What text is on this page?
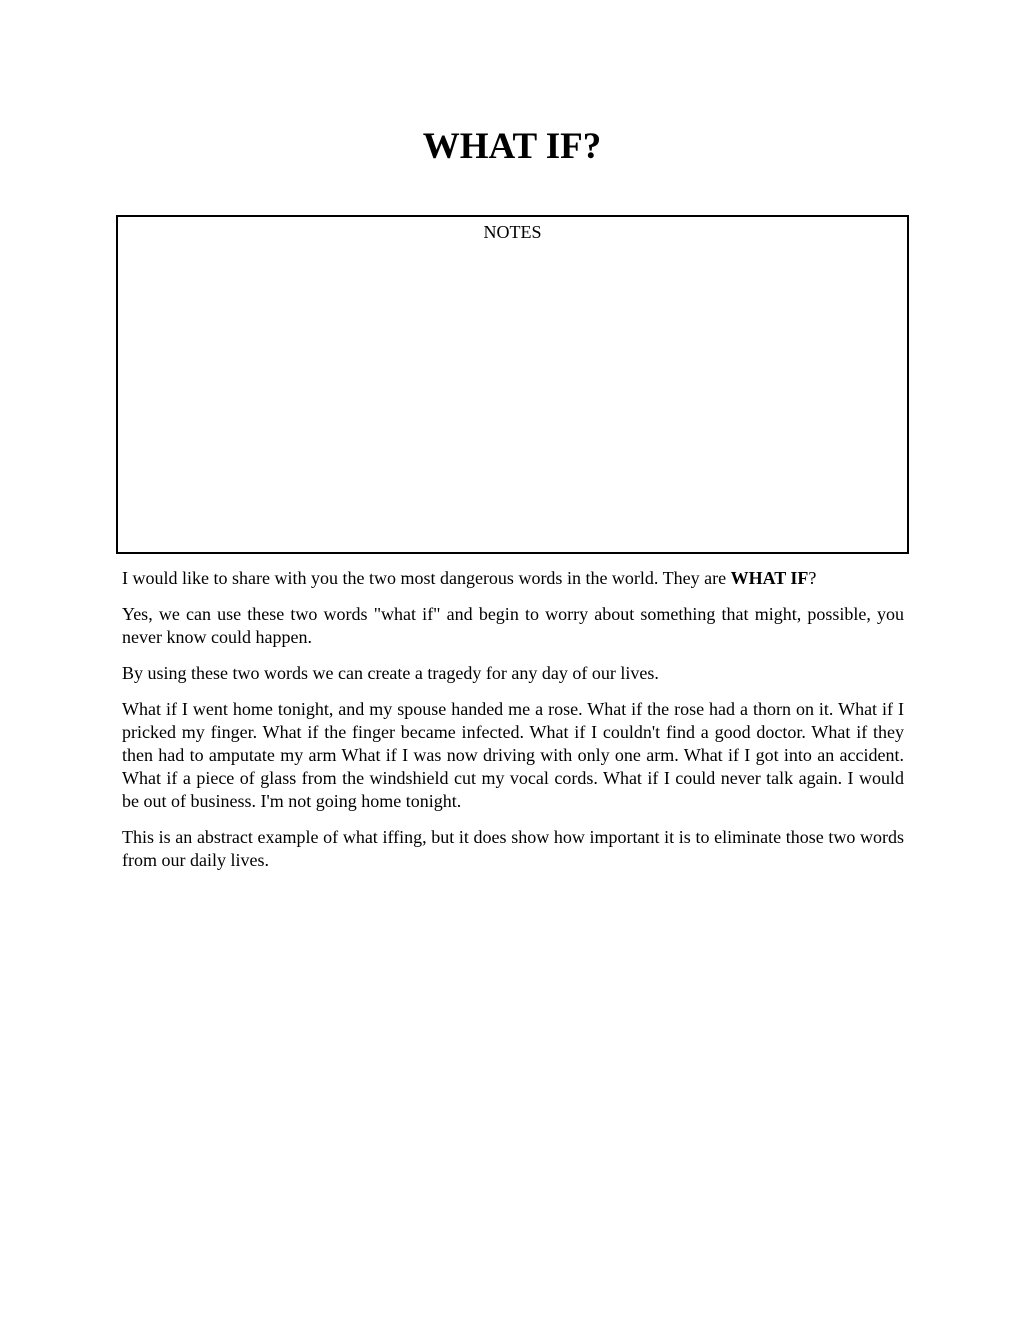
WHAT IF?
NOTES

I would like to share with you the two most dangerous words in the world. They are WHAT IF?

Yes, we can use these two words "what if" and begin to worry about something that might, possible, you never know could happen.

By using these two words we can create a tragedy for any day of our lives.

What if I went home tonight, and my spouse handed me a rose. What if the rose had a thorn on it. What if I pricked my finger. What if the finger became infected. What if I couldn't find a good doctor. What if they then had to amputate my arm What if I was now driving with only one arm. What if I got into an accident. What if a piece of glass from the windshield cut my vocal cords. What if I could never talk again. I would be out of business. I'm not going home tonight.

This is an abstract example of what iffing, but it does show how important it is to eliminate those two words from our daily lives.
